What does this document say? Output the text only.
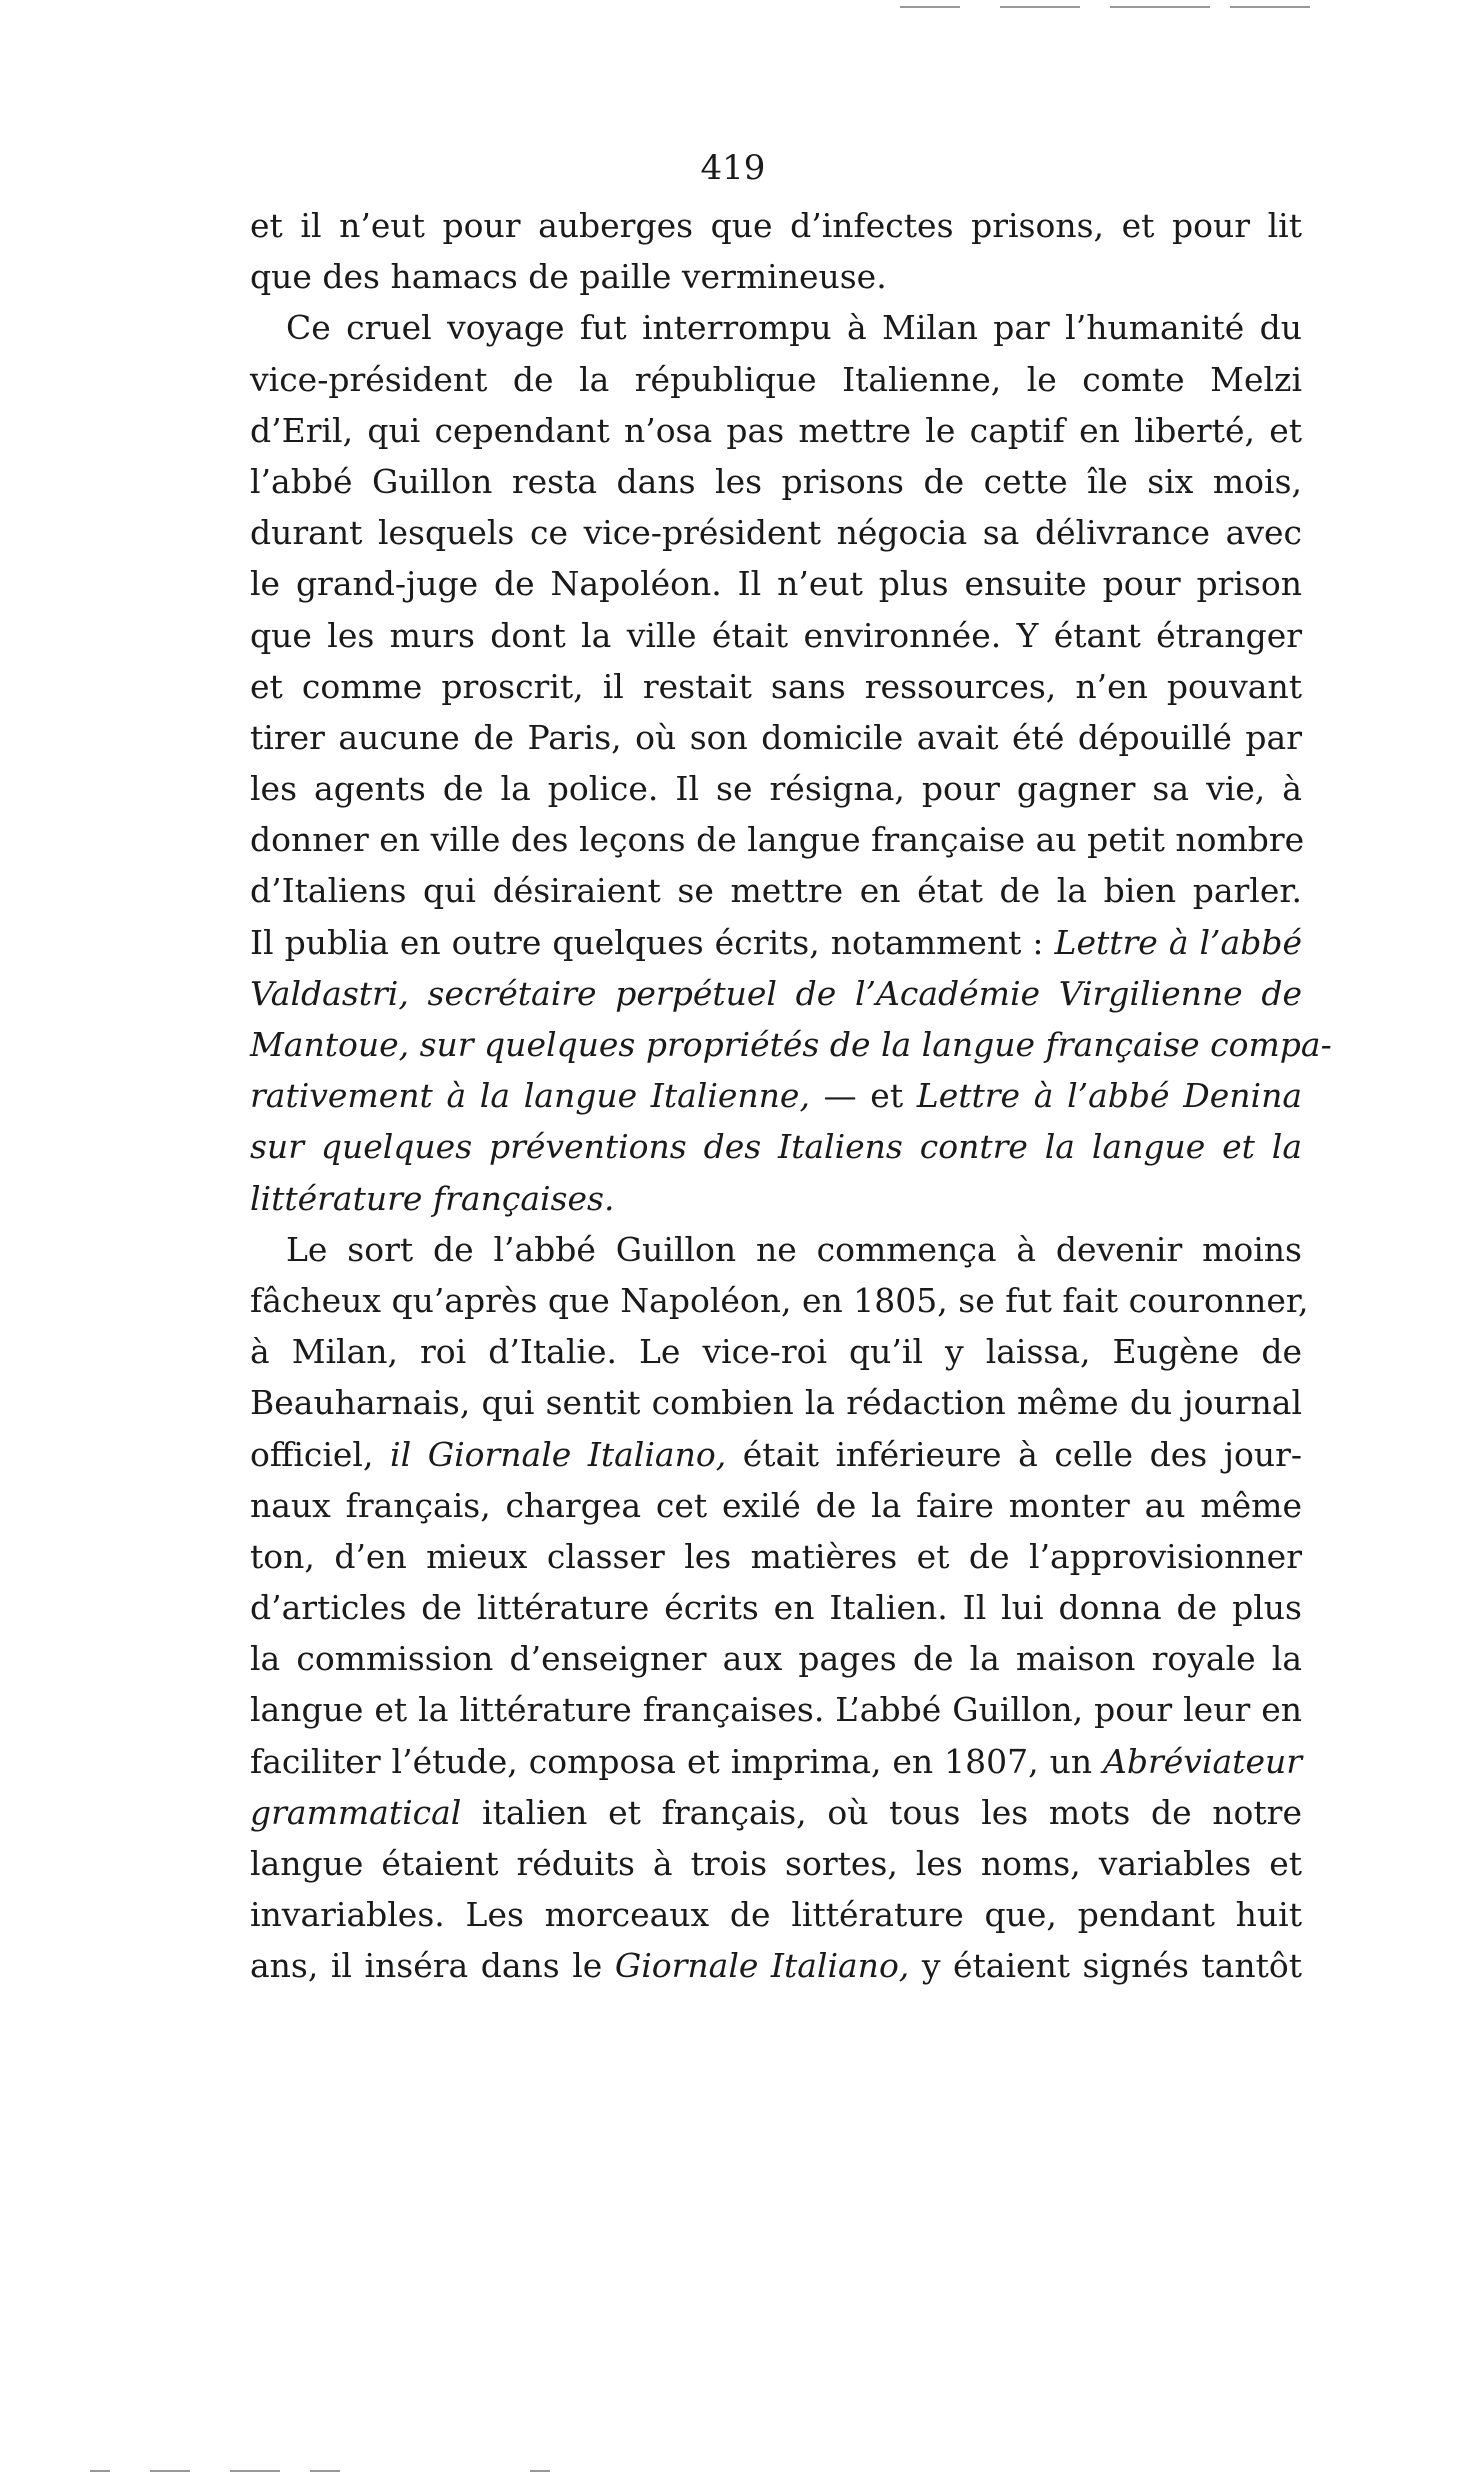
419
et il n’eut pour auberges que d’infectes prisons, et pour lit
que des hamacs de paille vermineuse.
Ce cruel voyage fut interrompu à Milan par l’humanité du
vice-président de la république Italienne, le comte Melzi
d’Eril, qui cependant n’osa pas mettre le captif en liberté, et
l’abbé Guillon resta dans les prisons de cette île six mois,
durant lesquels ce vice-président négocia sa délivrance avec
le grand-juge de Napoléon. Il n’eut plus ensuite pour prison
que les murs dont la ville était environnée. Y étant étranger
et comme proscrit, il restait sans ressources, n’en pouvant
tirer aucune de Paris, où son domicile avait été dépouillé par
les agents de la police. Il se résigna, pour gagner sa vie, à
donner en ville des leçons de langue française au petit nombre
d’Italiens qui désiraient se mettre en état de la bien parler.
Il publia en outre quelques écrits, notamment : Lettre à l’abbé
Valdastri, secrétaire perpétuel de l’Académie Virgilienne de
Mantoue, sur quelques propriétés de la langue française compa-
rativement à la langue Italienne, — et Lettre à l’abbé Denina
sur quelques préventions des Italiens contre la langue et la
littérature françaises.
Le sort de l’abbé Guillon ne commença à devenir moins
fâcheux qu’après que Napoléon, en 1805, se fut fait couronner,
à Milan, roi d’Italie. Le vice-roi qu’il y laissa, Eugène de
Beauharnais, qui sentit combien la rédaction même du journal
officiel, il Giornale Italiano, était inférieure à celle des jour-
naux français, chargea cet exilé de la faire monter au même
ton, d’en mieux classer les matières et de l’approvisionner
d’articles de littérature écrits en Italien. Il lui donna de plus
la commission d’enseigner aux pages de la maison royale la
langue et la littérature françaises. L’abbé Guillon, pour leur en
faciliter l’étude, composa et imprima, en 1807, un Abréviateur
grammatical italien et français, où tous les mots de notre
langue étaient réduits à trois sortes, les noms, variables et
invariables. Les morceaux de littérature que, pendant huit
ans, il inséra dans le Giornale Italiano, y étaient signés tantôt
